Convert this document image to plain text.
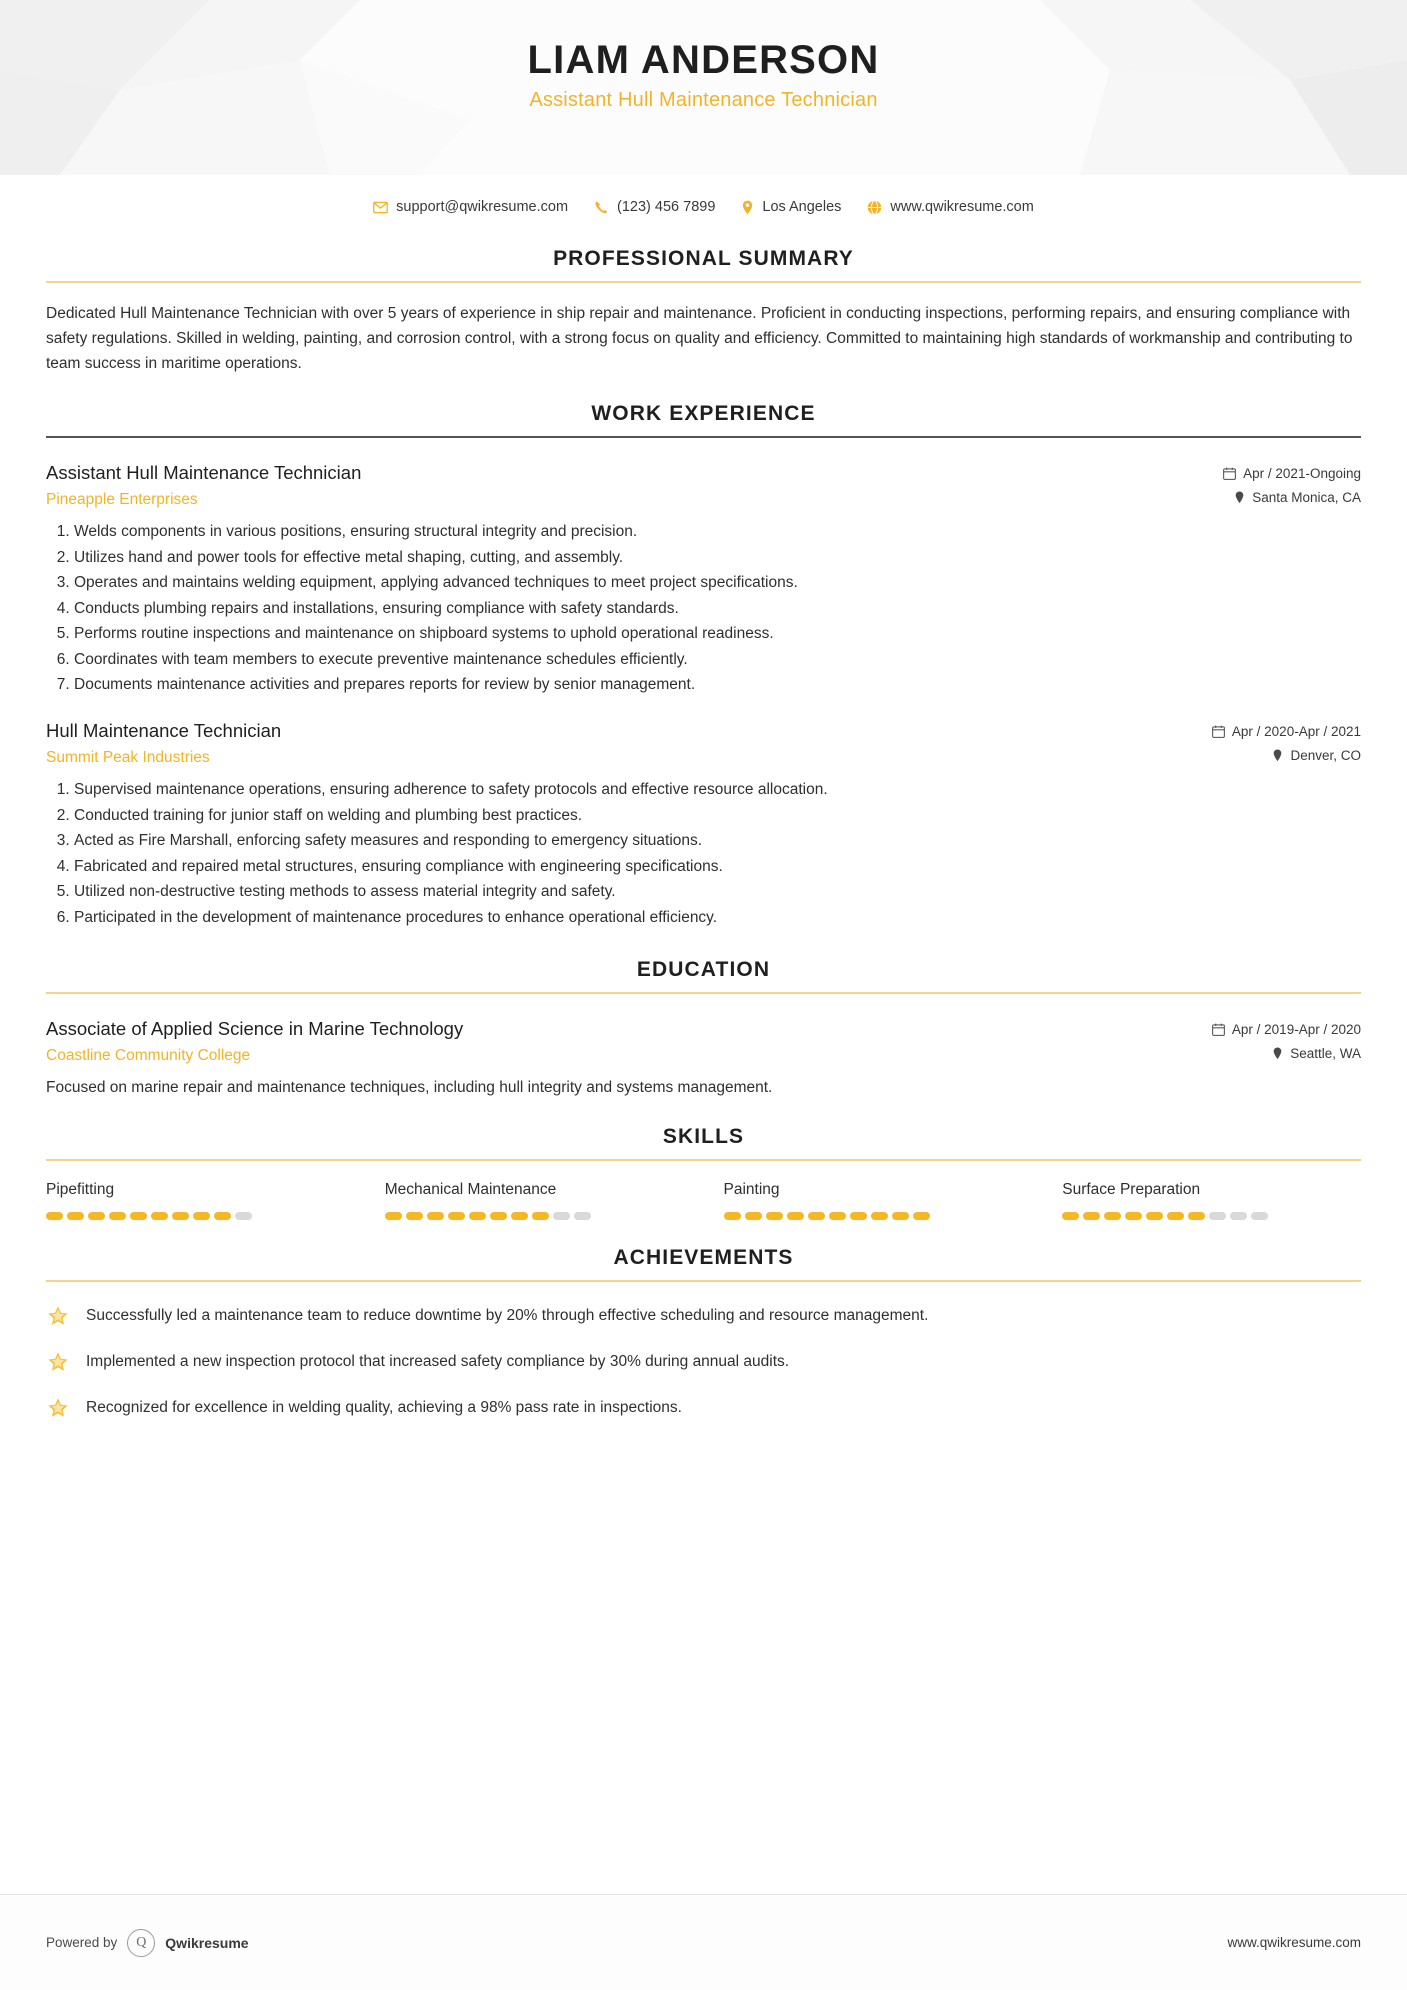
LIAM ANDERSON
Assistant Hull Maintenance Technician
support@qwikresume.com	(123) 456 7899	Los Angeles	www.qwikresume.com
PROFESSIONAL SUMMARY

Dedicated Hull Maintenance Technician with over 5 years of experience in ship repair and maintenance. Proficient in conducting inspections, performing repairs, and ensuring compliance with safety regulations. Skilled in welding, painting, and corrosion control, with a strong focus on quality and efficiency. Committed to maintaining high standards of workmanship and contributing to team success in maritime operations.

WORK EXPERIENCE
Assistant Hull Maintenance Technician
Pineapple Enterprises
Apr / 2021-Ongoing
Santa Monica, CA
1. Welds components in various positions, ensuring structural integrity and precision.
2. Utilizes hand and power tools for effective metal shaping, cutting, and assembly.
3. Operates and maintains welding equipment, applying advanced techniques to meet project specifications.
4. Conducts plumbing repairs and installations, ensuring compliance with safety standards.
5. Performs routine inspections and maintenance on shipboard systems to uphold operational readiness.
6. Coordinates with team members to execute preventive maintenance schedules efficiently.
7. Documents maintenance activities and prepares reports for review by senior management.
Hull Maintenance Technician
Summit Peak Industries
Apr / 2020-Apr / 2021
Denver, CO
1. Supervised maintenance operations, ensuring adherence to safety protocols and effective resource allocation.
2. Conducted training for junior staff on welding and plumbing best practices.
3. Acted as Fire Marshall, enforcing safety measures and responding to emergency situations.
4. Fabricated and repaired metal structures, ensuring compliance with engineering specifications.
5. Utilized non-destructive testing methods to assess material integrity and safety.
6. Participated in the development of maintenance procedures to enhance operational efficiency.
EDUCATION
Associate of Applied Science in Marine Technology
Coastline Community College
Apr / 2019-Apr / 2020
Seattle, WA
Focused on marine repair and maintenance techniques, including hull integrity and systems management.
SKILLS
Pipefitting	Mechanical Maintenance	Painting	Surface Preparation
ACHIEVEMENTS
Successfully led a maintenance team to reduce downtime by 20% through effective scheduling and resource management.
Implemented a new inspection protocol that increased safety compliance by 30% during annual audits.
Recognized for excellence in welding quality, achieving a 98% pass rate in inspections.
Powered by	Q	Qwikresume	www.qwikresume.com
